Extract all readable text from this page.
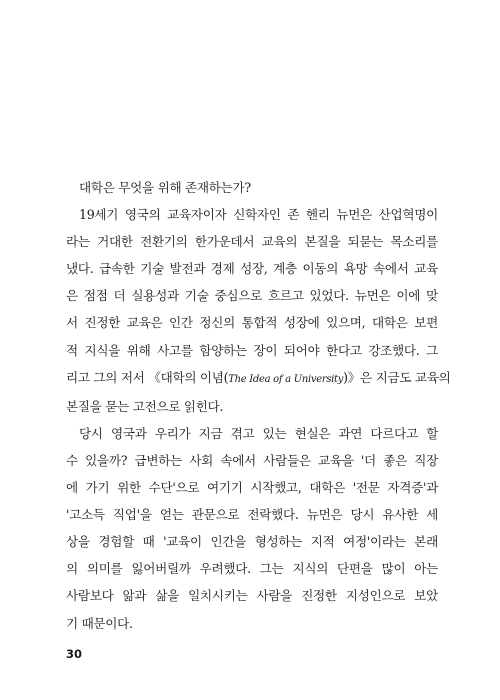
대학은 무엇을 위해 존재하는가?

19세기 영국의 교육자이자 신학자인 존 헨리 뉴먼은 산업혁명이
라는 거대한 전환기의 한가운데서 교육의 본질을 되묻는 목소리를
냈다. 급속한 기술 발전과 경제 성장, 계층 이동의 욕망 속에서 교육
은 점점 더 실용성과 기술 중심으로 흐르고 있었다. 뉴먼은 이에 맞
서 진정한 교육은 인간 정신의 통합적 성장에 있으며, 대학은 보편
적 지식을 위해 사고를 함양하는 장이 되어야 한다고 강조했다. 그
리고 그의 저서 《대학의 이념(The Idea of a University)》은 지금도 교육의
본질을 묻는 고전으로 읽힌다.

당시 영국과 우리가 지금 겪고 있는 현실은 과연 다르다고 할
수 있을까? 급변하는 사회 속에서 사람들은 교육을 '더 좋은 직장
에 가기 위한 수단'으로 여기기 시작했고, 대학은 '전문 자격증'과
'고소득 직업'을 얻는 관문으로 전락했다. 뉴먼은 당시 유사한 세
상을 경험할 때 '교육이 인간을 형성하는 지적 여정'이라는 본래
의 의미를 잃어버릴까 우려했다. 그는 지식의 단편을 많이 아는
사람보다 앎과 삶을 일치시키는 사람을 진정한 지성인으로 보았
기 때문이다.

30
